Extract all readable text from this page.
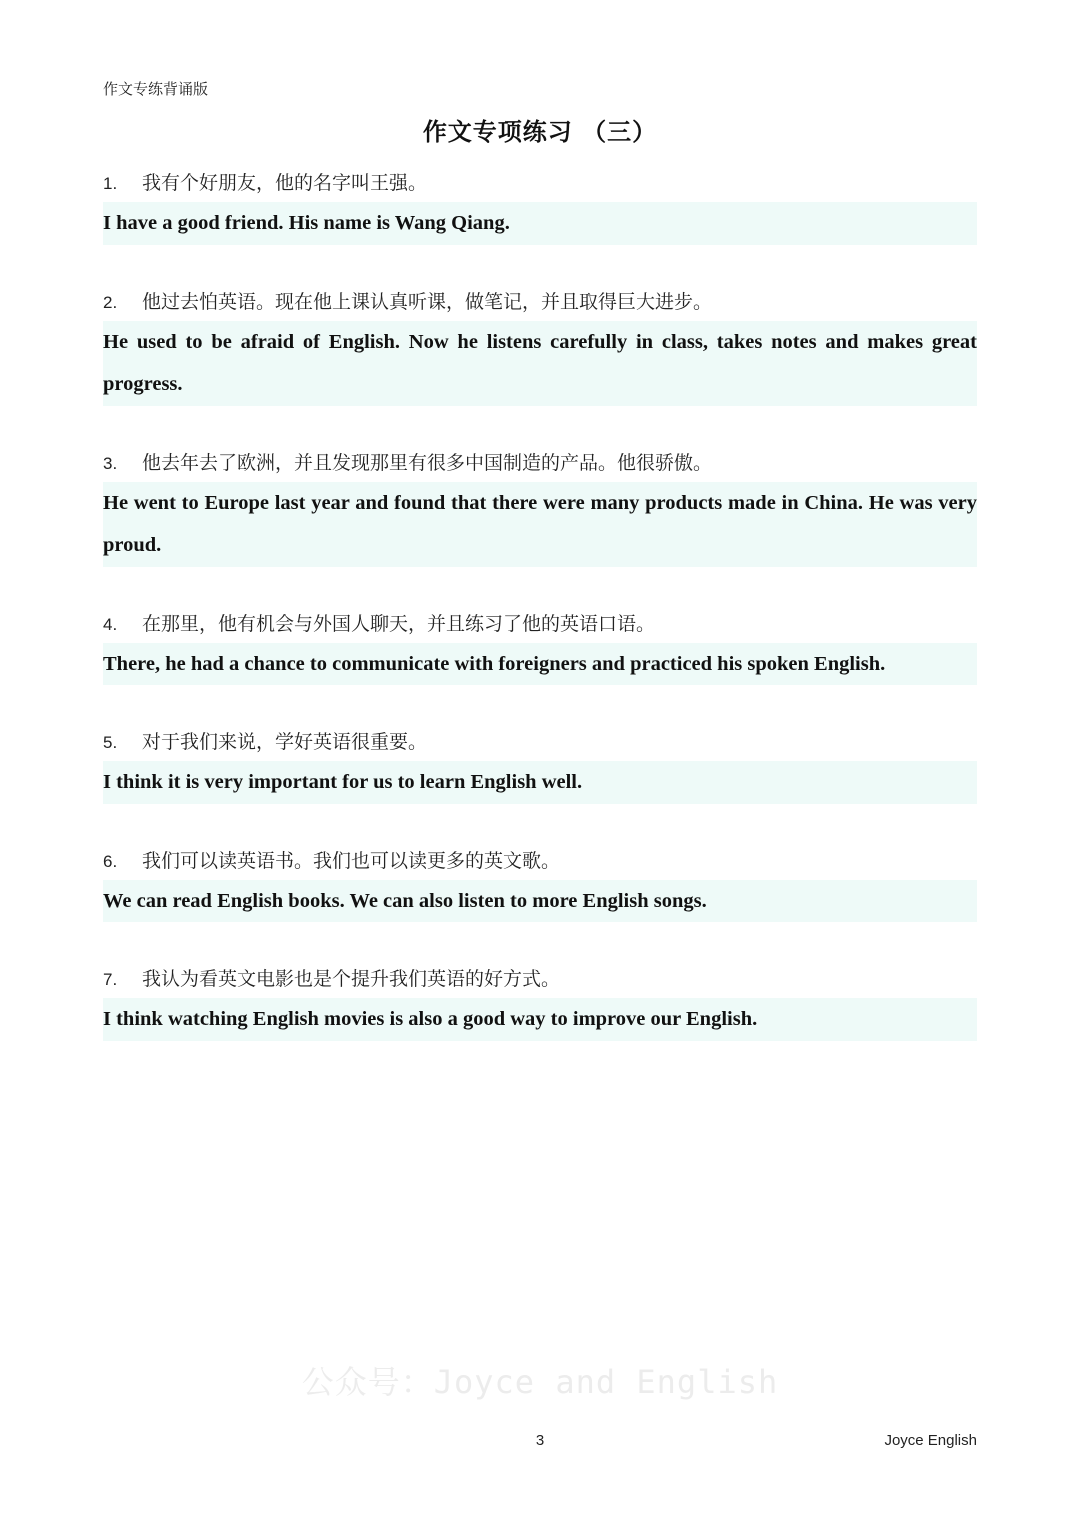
作文专练背诵版
作文专项练习 （三）
1.	我有个好朋友，他的名字叫王强。
I have a good friend. His name is Wang Qiang.
2.	他过去怕英语。现在他上课认真听课，做笔记，并且取得巨大进步。
He used to be afraid of English. Now he listens carefully in class, takes notes and makes great progress.
3.	他去年去了欧洲，并且发现那里有很多中国制造的产品。他很骄傲。
He went to Europe last year and found that there were many products made in China. He was very proud.
4.	在那里，他有机会与外国人聊天，并且练习了他的英语口语。
There, he had a chance to communicate with foreigners and practiced his spoken English.
5.	对于我们来说，学好英语很重要。
I think it is very important for us to learn English well.
6.	我们可以读英语书。我们也可以读更多的英文歌。
We can read English books. We can also listen to more English songs.
7.	我认为看英文电影也是个提升我们英语的好方式。
I think watching English movies is also a good way to improve our English.
公众号：Joyce and English
3	Joyce English
